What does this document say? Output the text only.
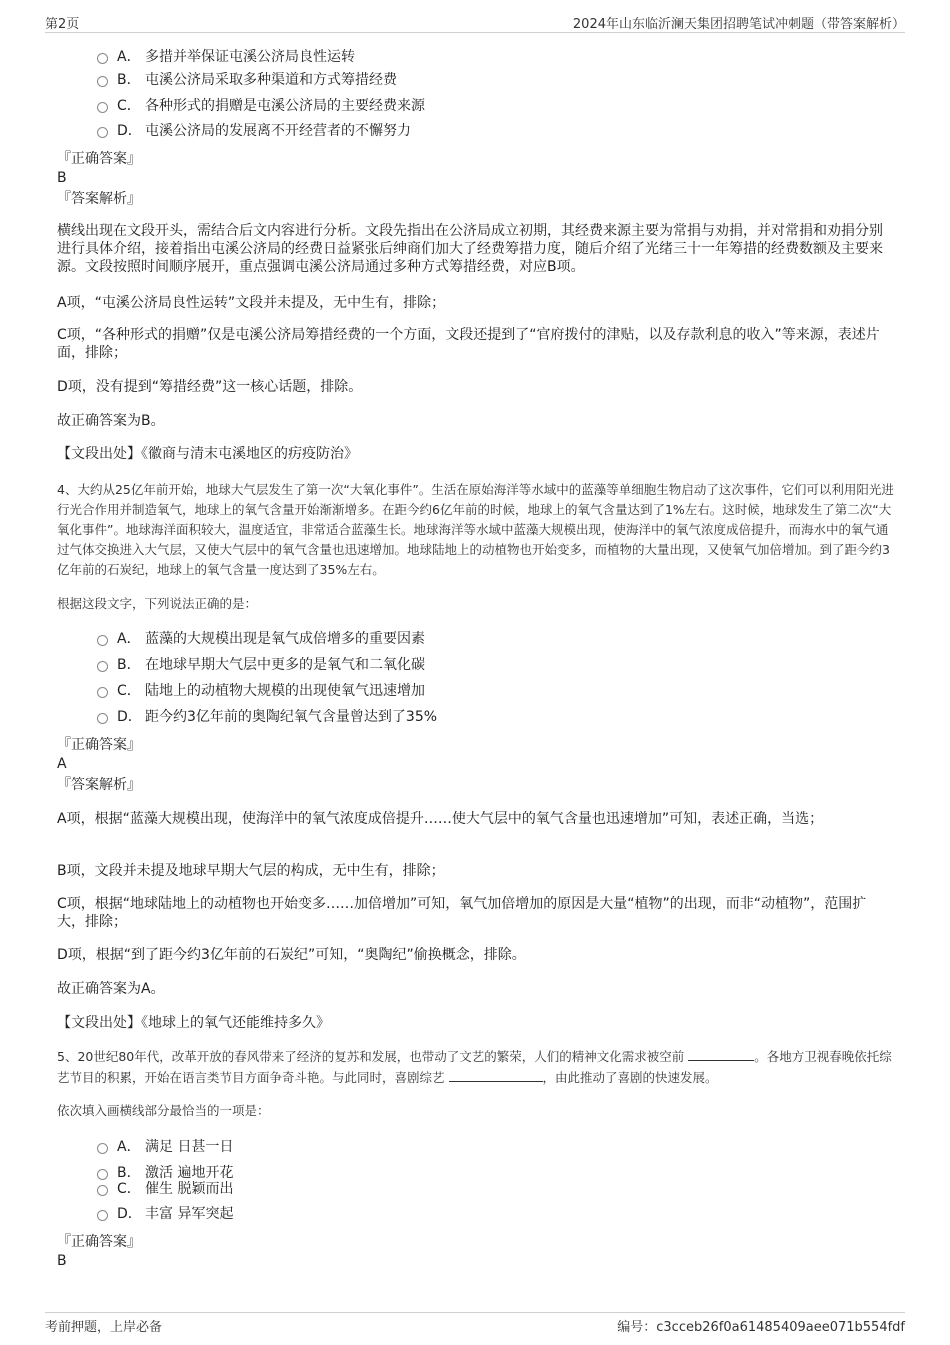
第2页	2024年山东临沂澜天集团招聘笔试冲刺题（带答案解析）
A． 多措并举保证屯溪公济局良性运转
B． 屯溪公济局采取多种渠道和方式筹措经费
C． 各种形式的捐赠是屯溪公济局的主要经费来源
D． 屯溪公济局的发展离不开经营者的不懈努力
『正确答案』
B
『答案解析』
横线出现在文段开头，需结合后文内容进行分析。文段先指出在公济局成立初期，其经费来源主要为常捐与劝捐，并对常捐和劝捐分别进行具体介绍，接着指出屯溪公济局的经费日益紧张后绅商们加大了经费筹措力度，随后介绍了光绪三十一年筹措的经费数额及主要来源。文段按照时间顺序展开，重点强调屯溪公济局通过多种方式筹措经费，对应B项。
A项，“屯溪公济局良性运转”文段并未提及，无中生有，排除；
C项，“各种形式的捐赠”仅是屯溪公济局筹措经费的一个方面，文段还提到了“官府拨付的津贴，以及存款利息的收入”等来源，表述片面，排除；
D项，没有提到“筹措经费”这一核心话题，排除。
故正确答案为B。
【文段出处】《徽商与清末屯溪地区的疠疫防治》
4、大约从25亿年前开始，地球大气层发生了第一次“大氧化事件”。生活在原始海洋等水域中的蓝藻等单细胞生物启动了这次事件，它们可以利用阳光进行光合作用并制造氧气，地球上的氧气含量开始渐渐增多。在距今约6亿年前的时候，地球上的氧气含量达到了1%左右。这时候，地球发生了第二次“大氧化事件”。地球海洋面积较大，温度适宜，非常适合蓝藻生长。地球海洋等水域中蓝藻大规模出现，使海洋中的氧气浓度成倍提升，而海水中的氧气通过气体交换进入大气层，又使大气层中的氧气含量也迅速增加。地球陆地上的动植物也开始变多，而植物的大量出现，又使氧气加倍增加。到了距今约3亿年前的石炭纪，地球上的氧气含量一度达到了35%左右。
根据这段文字，下列说法正确的是：
A． 蓝藻的大规模出现是氧气成倍增多的重要因素
B． 在地球早期大气层中更多的是氧气和二氧化碳
C． 陆地上的动植物大规模的出现使氧气迅速增加
D． 距今约3亿年前的奥陶纪氧气含量曾达到了35%
『正确答案』
A
『答案解析』
A项，根据“蓝藻大规模出现，使海洋中的氧气浓度成倍提升……使大气层中的氧气含量也迅速增加”可知，表述正确，当选；
B项，文段并未提及地球早期大气层的构成，无中生有，排除；
C项，根据“地球陆地上的动植物也开始变多……加倍增加”可知，氧气加倍增加的原因是大量“植物”的出现，而非“动植物”，范围扩大，排除；
D项，根据“到了距今约3亿年前的石炭纪”可知，“奥陶纪”偷换概念，排除。
故正确答案为A。
【文段出处】《地球上的氧气还能维持多久》
5、20世纪80年代，改革开放的春风带来了经济的复苏和发展，也带动了文艺的繁荣，人们的精神文化需求被空前	。各地方卫视春晚依托综艺节目的积累，开始在语言类节目方面争奇斗艳。与此同时，喜剧综艺	，由此推动了喜剧的快速发展。
依次填入画横线部分最恰当的一项是：
A． 满足 日甚一日
B． 激活 遍地开花
C． 催生 脱颖而出
D． 丰富 异军突起
『正确答案』
B
考前押题，上岸必备	编号：c3cceb26f0a61485409aee071b554fdf
